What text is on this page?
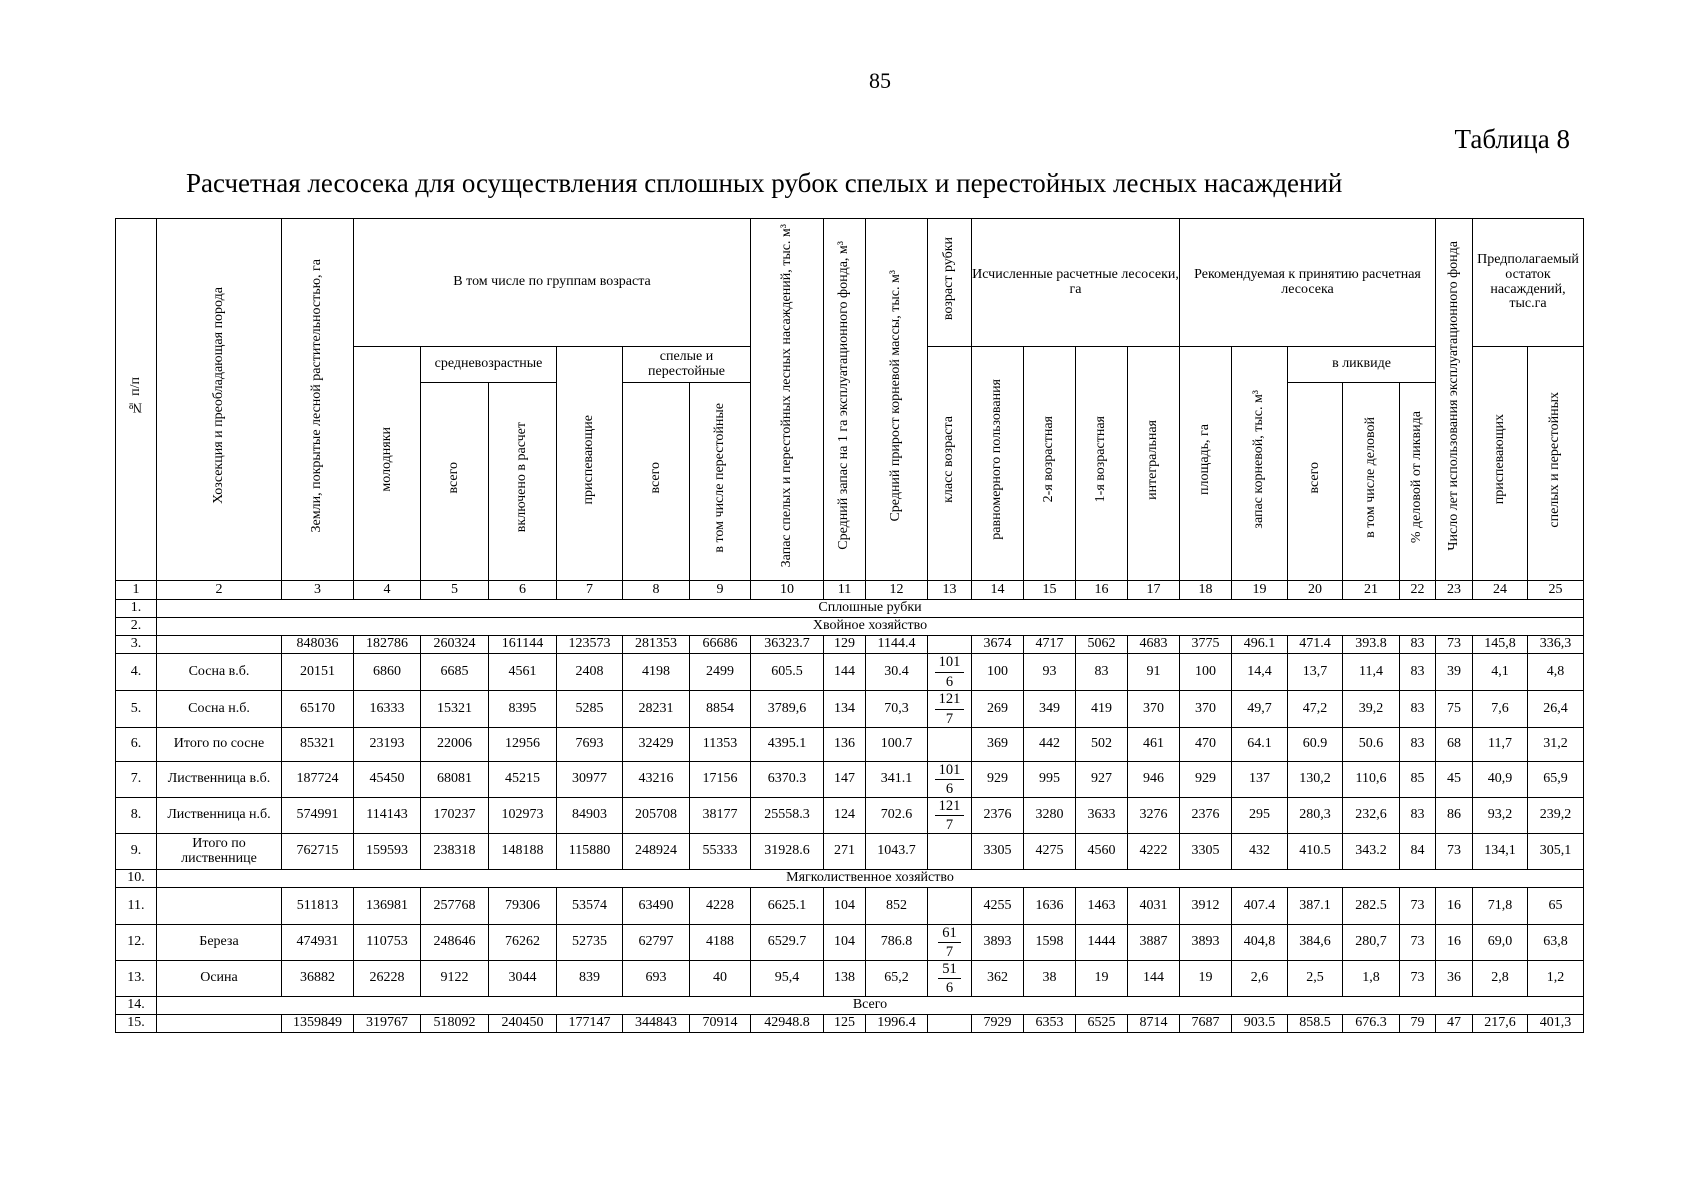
85
Таблица 8
Расчетная лесосека для осуществления сплошных рубок спелых и перестойных лесных насаждений
№ п/п	Хозсекция и преобладающая порода	Земли, покрытые лесной растительностью, га	В том числе по группам возраста						Запас спелых и перестойных лесных насаждений, тыс. м³	Средний запас на 1 га эксплуатационного фонда, м³	Средний прирост корневой массы, тыс. м³	возраст рубки	Исчисленные расчетные лесосеки, га				Рекомендуемая к принятию расчетная лесосека					Число лет использования эксплуатационного фонда	Предполагаемый остаток насаждений, тыс.га	

			молодняки	средневозрастные		приспевающие	спелые и перестойные					класс возраста	равномерного пользования	2-я возрастная	1-я возрастная	интегральная	площадь, га	запас корневой, тыс. м³	в ликвиде				приспевающих	спелых и перестойных

				всего	включено в расчет		всего	в том числе перестойные											всего	в том числе деловой	% деловой от ликвида			

1	2	3	4	5	6	7	8	9	10	11	12	13	14	15	16	17	18	19	20	21	22	23	24	25
1.	Сплошные рубки																							
2.	Хвойное хозяйство																							
3.		848036	182786	260324	161144	123573	281353	66686	36323.7	129	1144.4		3674	4717	5062	4683	3775	496.1	471.4	393.8	83	73	145,8	336,3
4.	Сосна в.б.	20151	6860	6685	4561	2408	4198	2499	605.5	144	30.4	$\frac{101}{6}$	100	93	83	91	100	14,4	13,7	11,4	83	39	4,1	4,8
5.	Сосна н.б.	65170	16333	15321	8395	5285	28231	8854	3789,6	134	70,3	$\frac{121}{7}$	269	349	419	370	370	49,7	47,2	39,2	83	75	7,6	26,4
6.	Итого по сосне	85321	23193	22006	12956	7693	32429	11353	4395.1	136	100.7		369	442	502	461	470	64.1	60.9	50.6	83	68	11,7	31,2
7.	Лиственница в.б.	187724	45450	68081	45215	30977	43216	17156	6370.3	147	341.1	$\frac{101}{6}$	929	995	927	946	929	137	130,2	110,6	85	45	40,9	65,9
8.	Лиственница н.б.	574991	114143	170237	102973	84903	205708	38177	25558.3	124	702.6	$\frac{121}{7}$	2376	3280	3633	3276	2376	295	280,3	232,6	83	86	93,2	239,2
9.	Итого по лиственнице	762715	159593	238318	148188	115880	248924	55333	31928.6	271	1043.7		3305	4275	4560	4222	3305	432	410.5	343.2	84	73	134,1	305,1
10.	Мягколиственное хозяйство																							
11.		511813	136981	257768	79306	53574	63490	4228	6625.1	104	852		4255	1636	1463	4031	3912	407.4	387.1	282.5	73	16	71,8	65
12.	Береза	474931	110753	248646	76262	52735	62797	4188	6529.7	104	786.8	$\frac{61}{7}$	3893	1598	1444	3887	3893	404,8	384,6	280,7	73	16	69,0	63,8
13.	Осина	36882	26228	9122	3044	839	693	40	95,4	138	65,2	$\frac{51}{6}$	362	38	19	144	19	2,6	2,5	1,8	73	36	2,8	1,2
14.	Всего																							
15.		1359849	319767	518092	240450	177147	344843	70914	42948.8	125	1996.4		7929	6353	6525	8714	7687	903.5	858.5	676.3	79	47	217,6	401,3
